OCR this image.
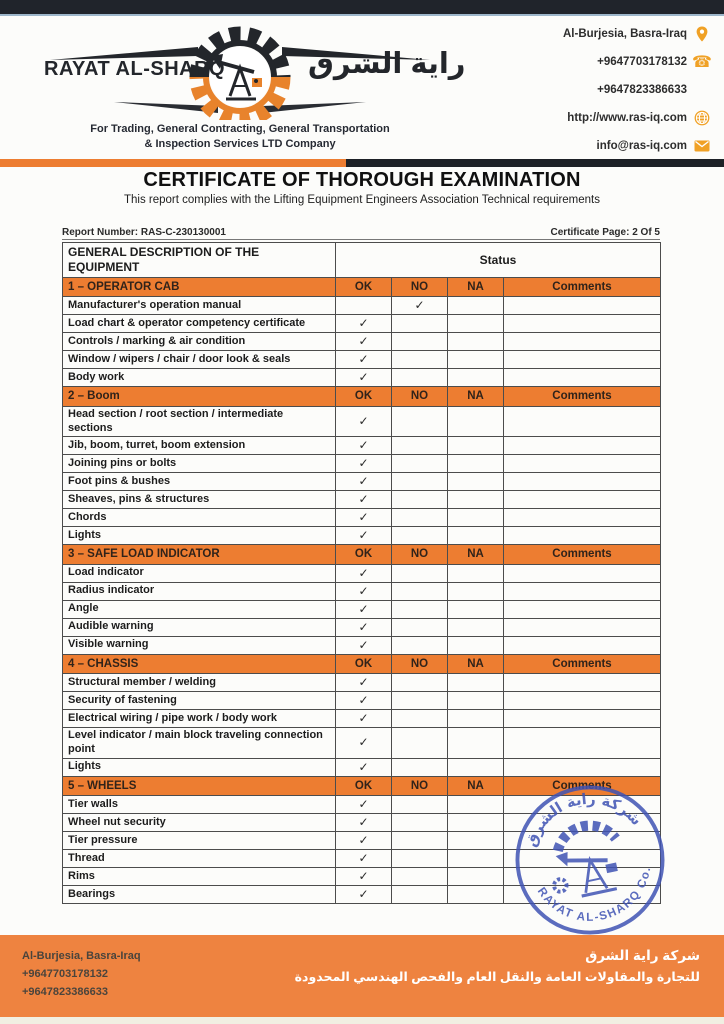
RAYAT AL-SHARQ	راية الشرق
For Trading, General Contracting, General Transportation
& Inspection Services LTD Company
Al-Burjesia, Basra-Iraq
+9647703178132 ☎
+9647823386633
http://www.ras-iq.com
info@ras-iq.com
CERTIFICATE OF THOROUGH EXAMINATION
This report complies with the Lifting Equipment Engineers Association Technical requirements
Report Number: RAS-C-230130001	Certificate Page: 2 Of 5
GENERAL DESCRIPTION OF THE EQUIPMENT	Status			
1 – OPERATOR CAB	OK	NO	NA	Comments
Manufacturer's operation manual		✓		
Load chart & operator competency certificate	✓			
Controls / marking & air condition	✓			
Window / wipers / chair / door look & seals	✓			
Body work	✓			
2 – Boom	OK	NO	NA	Comments
Head section / root section / intermediate sections	✓			
Jib, boom, turret, boom extension	✓			
Joining pins or bolts	✓			
Foot pins & bushes	✓			
Sheaves, pins & structures	✓			
Chords	✓			
Lights	✓			
3 – SAFE LOAD INDICATOR	OK	NO	NA	Comments
Load indicator	✓			
Radius indicator	✓			
Angle	✓			
Audible warning	✓			
Visible warning	✓			
4 – CHASSIS	OK	NO	NA	Comments
Structural member / welding	✓			
Security of fastening	✓			
Electrical wiring / pipe work / body work	✓			
Level indicator / main block traveling connection point	✓			
Lights	✓			
5 – WHEELS	OK	NO	NA	Comments
Tier walls	✓			
Wheel nut security	✓			
Tier pressure	✓			
Thread	✓			
Rims	✓			
Bearings	✓			
شركة راية الشرق
RAYAT AL-SHARQ Co.
Al-Burjesia, Basra-Iraq
+9647703178132
+9647823386633
شركة راية الشرق
للتجارة والمقاولات العامة والنقل العام والفحص الهندسي المحدودة
